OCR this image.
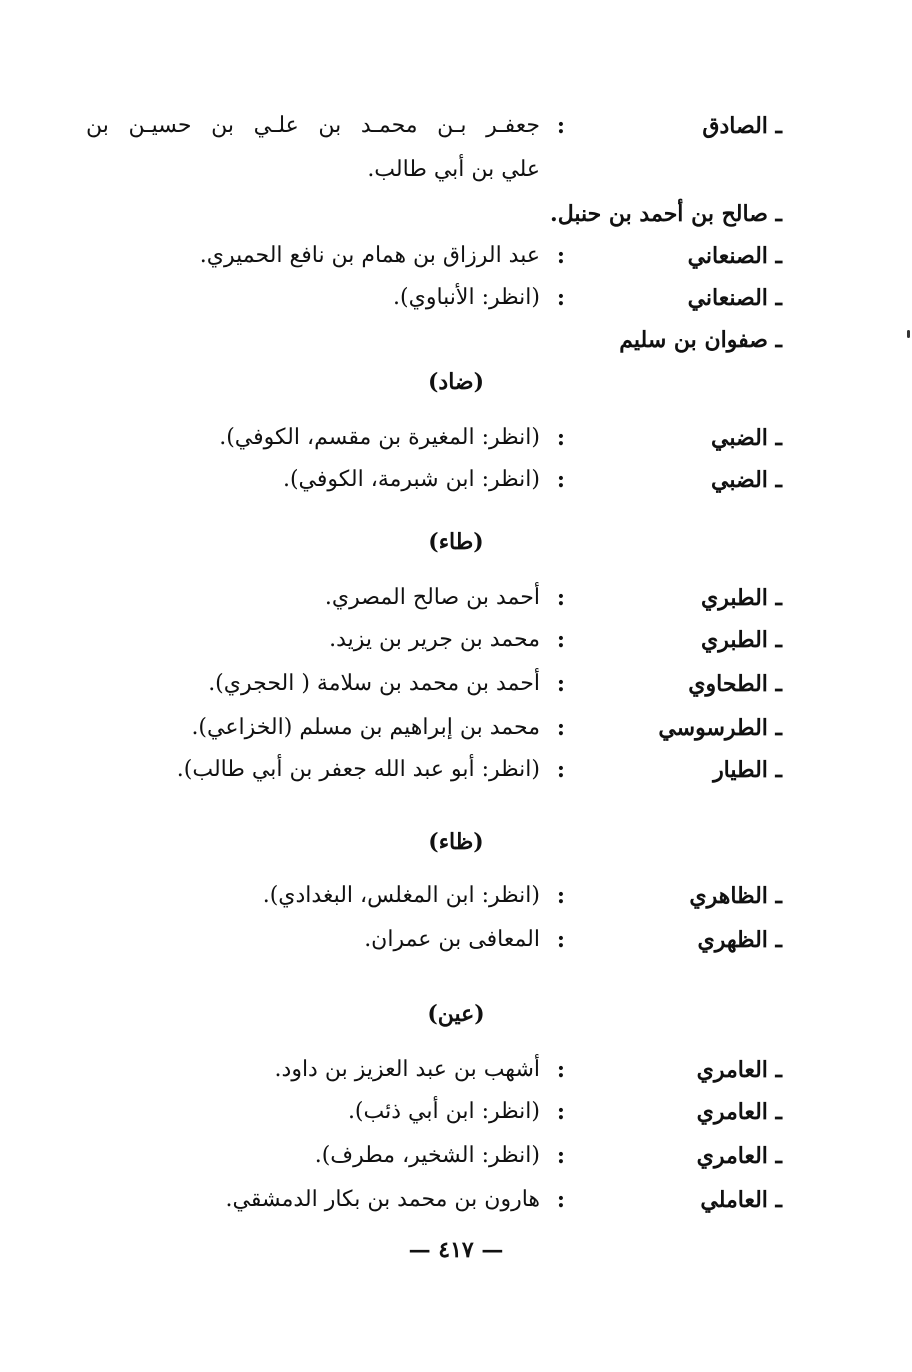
ـ الصادق
:
جعفـر بـن محمـد بن علـي بن حسيـن بن
علي بن أبي طالب.
ـ صالح بن أحمد بن حنبل.
ـ الصنعاني
:
عبد الرزاق بن همام بن نافع الحميري.
ـ الصنعاني
:
(انظر: الأنباوي).
ـ صفوان بن سليم
(ضاد)
ـ الضبي
:
(انظر: المغيرة بن مقسم، الكوفي).
ـ الضبي
:
(انظر: ابن شبرمة، الكوفي).
(طاء)
ـ الطبري
:
أحمد بن صالح المصري.
ـ الطبري
:
محمد بن جرير بن يزيد.
ـ الطحاوي
:
أحمد بن محمد بن سلامة ( الحجري).
ـ الطرسوسي
:
محمد بن إبراهيم بن مسلم (الخزاعي).
ـ الطيار
:
(انظر: أبو عبد الله جعفر بن أبي طالب).
(ظاء)
ـ الظاهري
:
(انظر: ابن المغلس، البغدادي).
ـ الظهري
:
المعافى بن عمران.
(عين)
ـ العامري
:
أشهب بن عبد العزيز بن داود.
ـ العامري
:
(انظر: ابن أبي ذئب).
ـ العامري
:
(انظر: الشخير، مطرف).
ـ العاملي
:
هارون بن محمد بن بكار الدمشقي.
— ٤١٧ —
